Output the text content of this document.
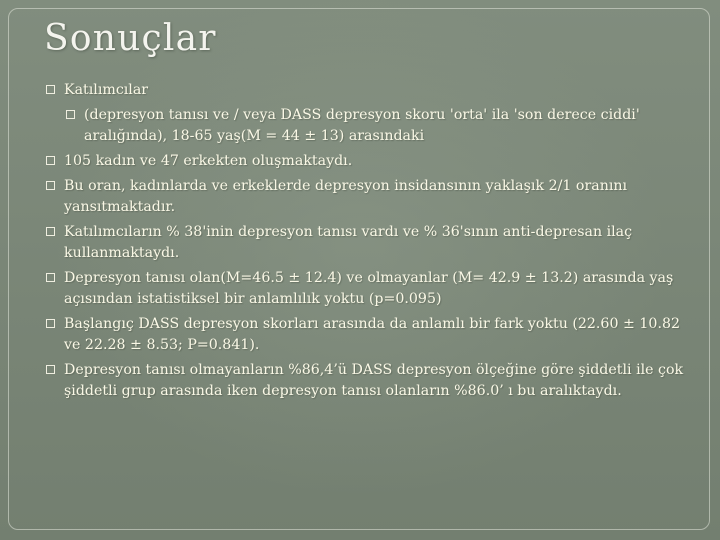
Sonuçlar
Katılımcılar
(depresyon tanısı ve / veya DASS depresyon skoru 'orta' ila 'son derece ciddi' aralığında), 18-65 yaş(M = 44 ± 13) arasındaki
105 kadın ve 47 erkekten oluşmaktaydı.
Bu oran, kadınlarda ve erkeklerde depresyon insidansının yaklaşık 2/1 oranını yansıtmaktadır.
Katılımcıların % 38'inin depresyon tanısı vardı ve % 36'sının anti-depresan ilaç kullanmaktaydı.
Depresyon tanısı olan(M=46.5 ± 12.4) ve olmayanlar (M= 42.9 ± 13.2) arasında yaş açısından istatistiksel bir anlamlılık yoktu (p=0.095)
Başlangıç DASS depresyon skorları arasında da anlamlı bir fark yoktu (22.60 ± 10.82 ve 22.28 ± 8.53; P=0.841).
Depresyon tanısı olmayanların %86,4’ü DASS depresyon ölçeğine göre şiddetli ile çok şiddetli grup arasında iken depresyon tanısı olanların %86.0’ ı bu aralıktaydı.
